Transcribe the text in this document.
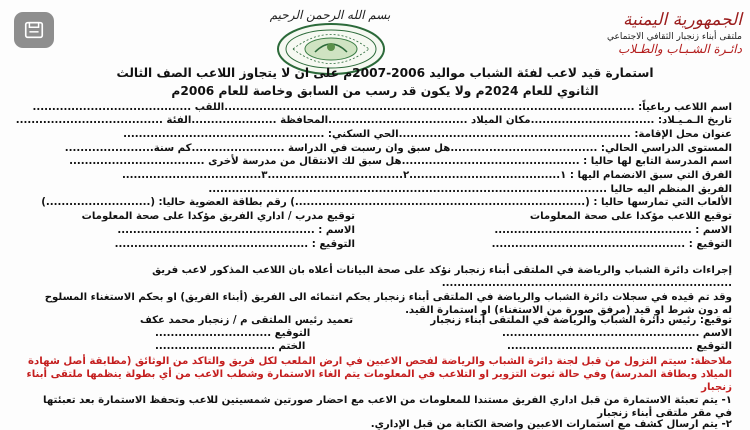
الجمهورية اليمنية
ملتقى أبناء زنجبار الثقافي الاجتماعي
دائـرة الشـبـاب والطـلاب
بسم الله الرحمن الرحيم
استمارة قيد لاعب لفئة الشباب مواليد 2006-2007م على ان لا يتجاوز اللاعب الصف الثالث
الثانوي للعام 2024م ولا يكون قد رسب من السابق وخاصة للعام 2006م
اسم اللاعب رباعياً: ..........................................................................................................اللقب .........................................
تاريخ الـمـيـلاد: ................................مكان الميلاد ....................................المحافظة ......................الفئة ......................................
عنوان محل الإقامة: ............................................................الحي السكني: ....................................................
المستوى الدراسي الحالي: ......................................هل سبق وان رسبت في الدراسة ........................كم سنة.......................
اسم المدرسة التابع لها حاليا : ..............................................هل سبق لك الانتقال من مدرسة لأخرى ...................................
الفرق التي سبق الانضمام اليها : ١.......................................٢...................................٣....................................
الفريق المنظم اليه حاليا .......................................................................................................
الألعاب التي تمارسها حاليا : (...........................................................................) رقم بطاقة العضوية حاليا: (...........................)
توقيع اللاعب مؤكدا على صحة المعلومات
توقيع مدرب / اداري الفريق مؤكدا على صحة المعلومات
الاسم : ...................................................
الاسم : ...................................................
التوقيع : ..................................................
التوقيع : ..................................................
إجراءات دائرة الشباب والرياضة في الملتقى أبناء زنجبار نؤكد على صحة البيانات أعلاه بان اللاعب المذكور لاعب فريق ...........................................................................
وقد تم قيده في سجلات دائرة الشباب والرياضة في الملتقى أبناء زنجبار بحكم انتمائه الى الفريق (أبناء الفريق) او بحكم الاستغناء المسلوح له دون شرط او قيد (مرفق صورة من الاستغناء) او استمارة القيد.
توقيع: رئيس دائرة الشباب والرياضة في الملتقى أبناء زنجبار
الاسم ...................................................
التوقيع ................................................
تعميد رئيس الملتقى م / زنجبار محمد عكف
التوقيع ..............................
الختم ...............................
ملاحظة: سيتم النزول من قبل لجنة دائرة الشباب والرياضة لفحص الاعبين في ارض الملعب لكل فريق والتاكد من الوثائق (مطابقة أصل شهادة الميلاد وبطاقة المدرسة) وفي حالة ثبوت التزوير او التلاعب في المعلومات يتم الغاء الاستمارة وشطب الاعب من أي بطولة ينظمها ملتقى أبناء زنجبار
١- يتم تعبئة الاستمارة من قبل اداري الفريق مستندا للمعلومات من الاعب مع احضار صورتين شمسيتين للاعب وتحفظ الاستمارة بعد تعبئتها في مقر ملتقى أبناء زنجبار
٢- يتم ارسال كشف مع استمارات الاعبين واضحة الكتابة من قبل الإداري.
